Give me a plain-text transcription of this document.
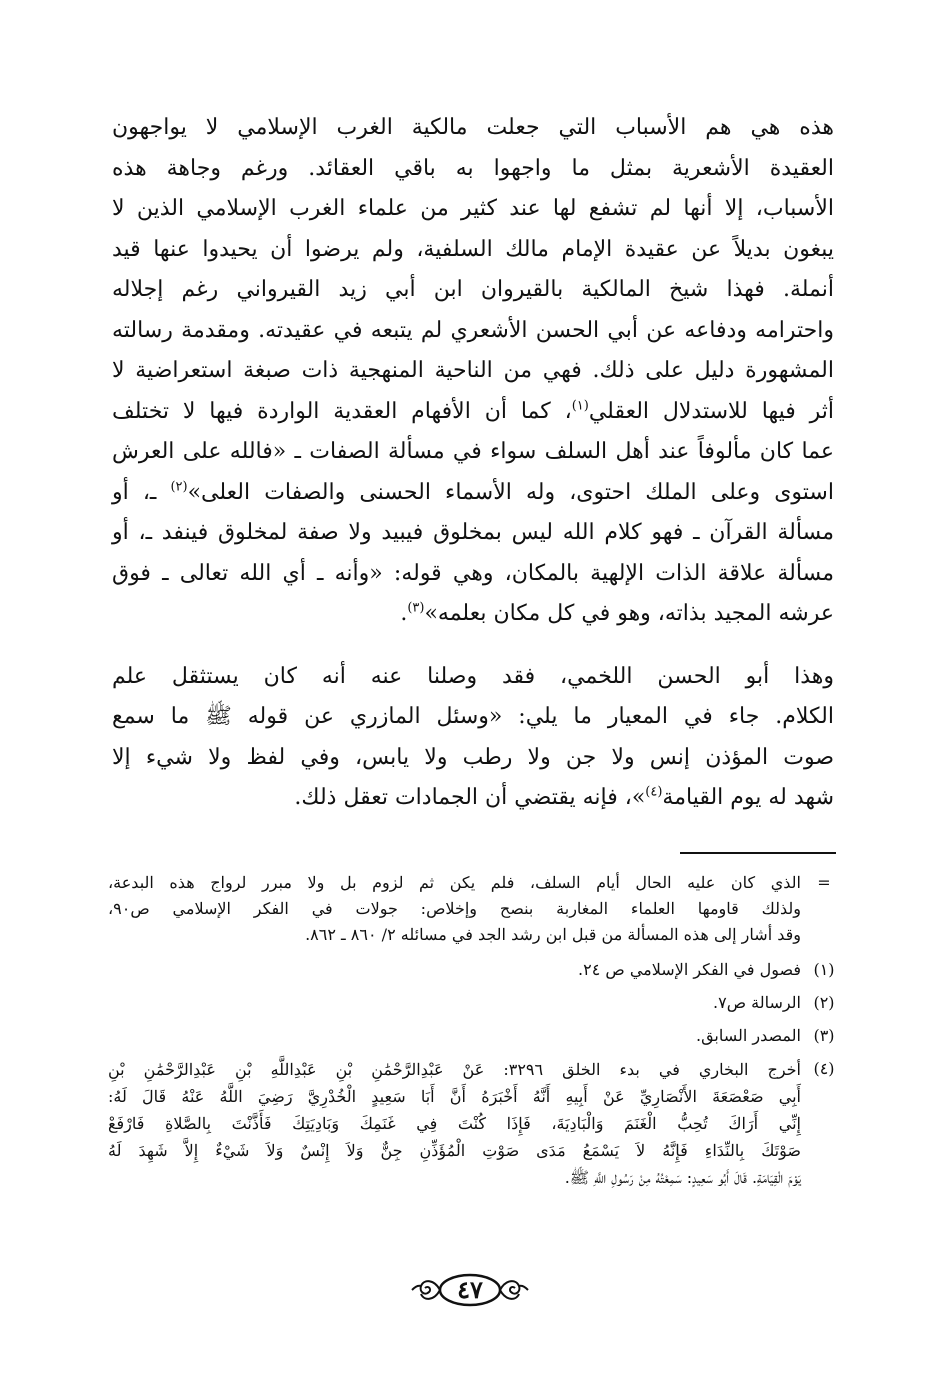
هذه هي هم الأسباب التي جعلت مالكية الغرب الإسلامي لا يواجهون
العقيدة الأشعرية بمثل ما واجهوا به باقي العقائد. ورغم وجاهة هذه
الأسباب، إلا أنها لم تشفع لها عند كثير من علماء الغرب الإسلامي الذين لا
يبغون بديلاً عن عقيدة الإمام مالك السلفية، ولم يرضوا أن يحيدوا عنها قيد
أنملة. فهذا شيخ المالكية بالقيروان ابن أبي زيد القيرواني رغم إجلاله
واحترامه ودفاعه عن أبي الحسن الأشعري لم يتبعه في عقيدته. ومقدمة رسالته
المشهورة دليل على ذلك. فهي من الناحية المنهجية ذات صبغة استعراضية لا
أثر فيها للاستدلال العقلي$^{(١)}$، كما أن الأفهام العقدية الواردة فيها لا تختلف
عما كان مألوفاً عند أهل السلف سواء في مسألة الصفات ـ «فالله على العرش
استوى وعلى الملك احتوى، وله الأسماء الحسنى والصفات العلى»$^{(٢)}$ ـ، أو
مسألة القرآن ـ فهو كلام الله ليس بمخلوق فيبيد ولا صفة لمخلوق فينفد ـ، أو
مسألة علاقة الذات الإلهية بالمكان، وهي قوله: «وأنه ـ أي الله تعالى ـ فوق
عرشه المجيد بذاته، وهو في كل مكان بعلمه»$^{(٣)}$.

وهذا أبو الحسن اللخمي، فقد وصلنا عنه أنه كان يستثقل علم
الكلام. جاء في المعيار ما يلي: «وسئل المازري عن قوله ﷺ ما سمع
صوت المؤذن إنس ولا جن ولا رطب ولا يابس، وفي لفظ ولا شيء إلا
شهد له يوم القيامة$^{(٤)}$»، فإنه يقتضي أن الجمادات تعقل ذلك.

=
الذي كان عليه الحال أيام السلف، فلم يكن ثم لزوم بل ولا مبرر لرواج هذه البدعة،
ولذلك قاومها العلماء المغاربة بنصح وإخلاص: جولات في الفكر الإسلامي ص٩٠،
وقد أشار إلى هذه المسألة من قبل ابن رشد الجد في مسائله ٢/ ٨٦٠ ـ ٨٦٢.
(١)
فصول في الفكر الإسلامي ص ٢٤.
(٢)
الرسالة ص٧.
(٣)
المصدر السابق.
(٤)
أخرج البخاري في بدء الخلق ٣٢٩٦: عَنْ عَبْدِالرَّحْمَٰنِ بْنِ عَبْدِاللَّهِ بْنِ عَبْدِالرَّحْمَٰنِ بْنِ
أَبِي صَعْصَعَةَ الأَنْصَارِيِّ عَنْ أَبِيهِ أَنَّهُ أَخْبَرَهُ أَنَّ أَبَا سَعِيدٍ الْخُدْرِيَّ رَضِيَ اللَّهُ عَنْهُ قَالَ لَهُ:
إِنِّي أَرَاكَ تُحِبُّ الْغَنَمَ وَالْبَادِيَةَ، فَإِذَا كُنْتَ فِي غَنَمِكَ وَبَادِيَتِكَ فَأَذَّنْتَ بِالصَّلاةِ فَارْفَعْ
صَوْتَكَ بِالنِّدَاءِ فَإِنَّهُ لاَ يَسْمَعُ مَدَى صَوْتِ الْمُؤَذِّنِ جِنٌّ وَلاَ إِنْسٌ وَلاَ شَيْءٌ إِلاَّ شَهِدَ لَهُ
يَوْمَ الْقِيَامَةِ. قَالَ أَبُو سَعِيدٍ: سَمِعْتُهُ مِنْ رَسُولِ اللَّهِ ﷺ.
٤٧
